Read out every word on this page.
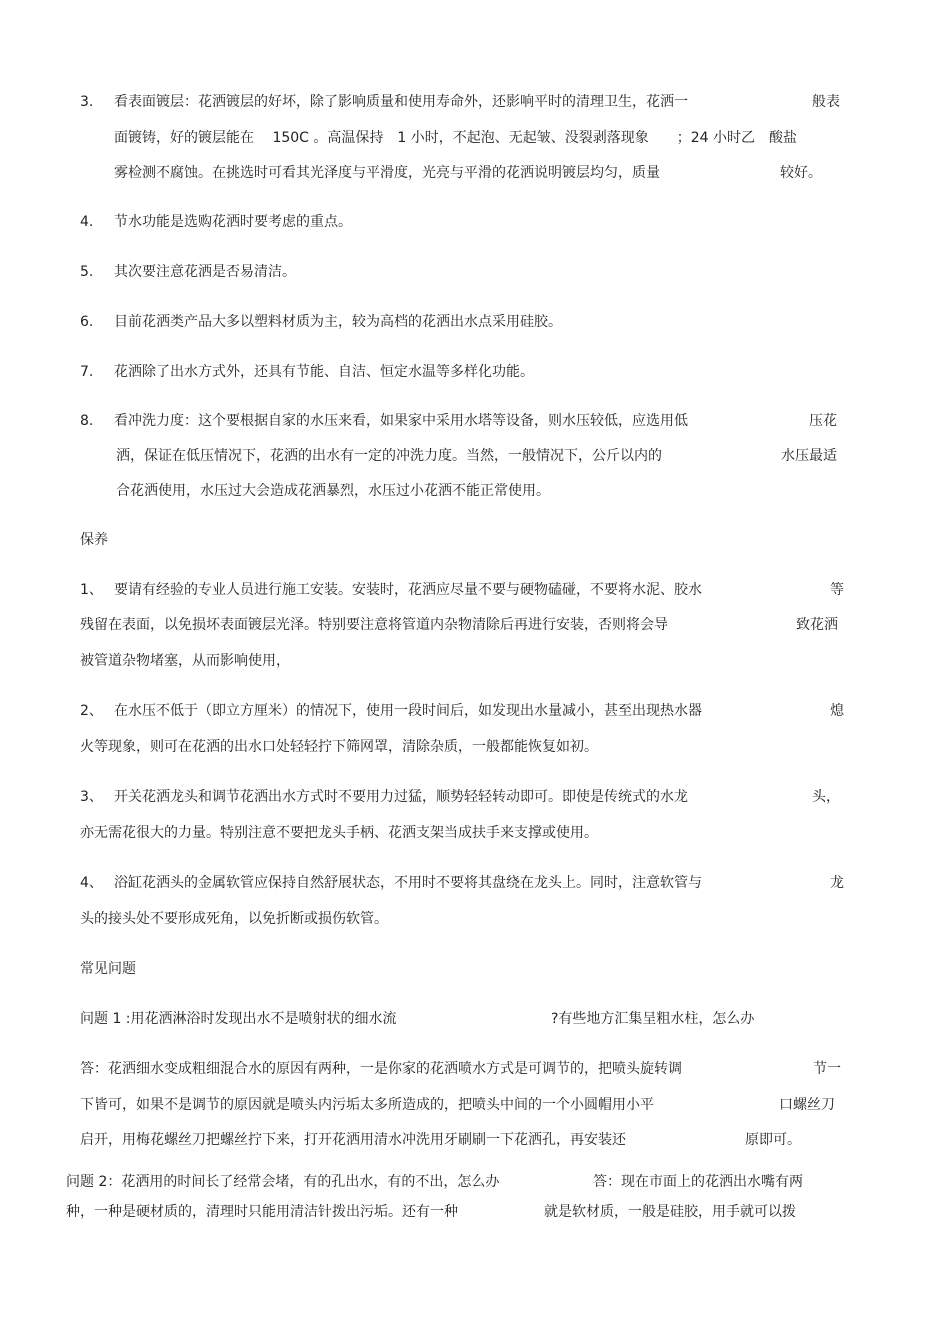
3. 看表面镀层：花洒镀层的好坏，除了影响质量和使用寿命外，还影响平时的清理卫生，花洒一	般表
面镀铸，好的镀层能在　 150C 。高温保持　1 小时，不起泡、无起皱、没裂剥落现象　　；24 小时乙　酸盐
雾检测不腐蚀。在挑选时可看其光泽度与平滑度，光亮与平滑的花洒说明镀层均匀，质量	较好。
4. 节水功能是选购花洒时要考虑的重点。
5. 其次要注意花洒是否易清洁。
6. 目前花洒类产品大多以塑料材质为主，较为高档的花洒出水点采用硅胶。
7. 花洒除了出水方式外，还具有节能、自洁、恒定水温等多样化功能。
8. 看冲洗力度：这个要根据自家的水压来看，如果家中采用水塔等设备，则水压较低，应选用低	压花
洒，保证在低压情况下，花洒的出水有一定的冲洗力度。当然，一般情况下，公斤以内的	水压最适
合花洒使用，水压过大会造成花洒暴烈，水压过小花洒不能正常使用。
保养
1、 要请有经验的专业人员进行施工安装。安装时，花洒应尽量不要与硬物磕碰，不要将水泥、胶水	等
残留在表面，以免损坏表面镀层光泽。特别要注意将管道内杂物清除后再进行安装，否则将会导	致花洒
被管道杂物堵塞，从而影响使用，
2、 在水压不低于（即立方厘米）的情况下，使用一段时间后，如发现出水量减小，甚至出现热水器	熄
火等现象，则可在花洒的出水口处轻轻拧下筛网罩，清除杂质，一般都能恢复如初。
3、 开关花洒龙头和调节花洒出水方式时不要用力过猛，顺势轻轻转动即可。即使是传统式的水龙	头，
亦无需花很大的力量。特别注意不要把龙头手柄、花洒支架当成扶手来支撑或使用。
4、 浴缸花洒头的金属软管应保持自然舒展状态，不用时不要将其盘绕在龙头上。同时，注意软管与	龙
头的接头处不要形成死角，以免折断或损伤软管。
常见问题
问题 1 :用花洒淋浴时发现出水不是喷射状的细水流	?有些地方汇集呈粗水柱，怎么办
答：花洒细水变成粗细混合水的原因有两种，一是你家的花洒喷水方式是可调节的，把喷头旋转调	节一
下皆可，如果不是调节的原因就是喷头内污垢太多所造成的，把喷头中间的一个小圆帽用小平	口螺丝刀
启开，用梅花螺丝刀把螺丝拧下来，打开花洒用清水冲洗用牙刷刷一下花洒孔，再安装还	原即可。
问题 2：花洒用的时间长了经常会堵，有的孔出水，有的不出，怎么办	答：现在市面上的花洒出水嘴有两
种，一种是硬材质的，清理时只能用清洁针拨出污垢。还有一种	就是软材质，一般是硅胶，用手就可以拨
